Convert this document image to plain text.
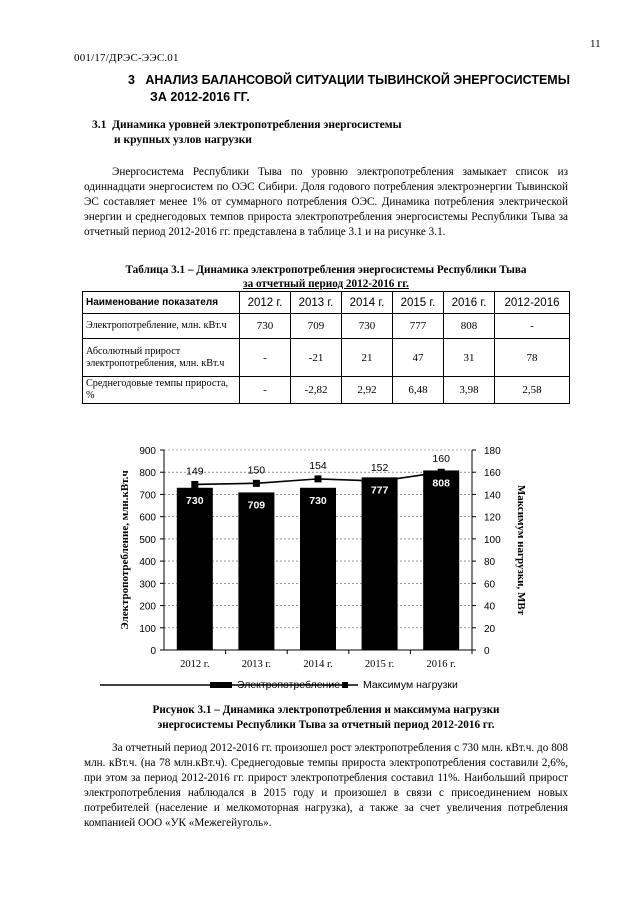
001/17/ДРЭС-ЭЭС.01
11
3 АНАЛИЗ БАЛАНСОВОЙ СИТУАЦИИ ТЫВИНСКОЙ ЭНЕРГОСИСТЕМЫ
ЗА 2012-2016 ГГ.
3.1 Динамика уровней электропотребления энергосистемы
и крупных узлов нагрузки

Энергосистема Республики Тыва по уровню электропотребления замыкает список из одиннадцати энергосистем по ОЭС Сибири. Доля годового потребления электроэнергии Тывинской ЭС составляет менее 1% от суммарного потребления ОЭС. Динамика потребления электрической энергии и среднегодовых темпов прироста электропотребления энергосистемы Республики Тыва за отчетный период 2012-2016 гг. представлена в таблице 3.1 и на рисунке 3.1.

Таблица 3.1 – Динамика электропотребления энергосистемы Республики Тыва
за отчетный период 2012-2016 гг.
Наименование показателя	2012 г.	2013 г.	2014 г.	2015 г.	2016 г.	2012-2016
Электропотребление, млн. кВт.ч	730	709	730	777	808	-
Абсолютный прирост электропотребления, млн. кВт.ч	-	-21	21	47	31	78
Среднегодовые темпы прироста, %	-	-2,82	2,92	6,48	3,98	2,58
730	709	730
777
808
149	150	154	152
160
0
100
200
300
400
500
600
700
800
900
0
20
40
60
80
100
120
140
160
180
2012 г.	2013 г.	2014 г.	2015 г.	2016 г.
Электропотребление, млн.кВт.ч	Максимум нагрузки, МВт
Электропотребление Максимум нагрузки
Рисунок 3.1 – Динамика электропотребления и максимума нагрузки
энергосистемы Республики Тыва за отчетный период 2012-2016 гг.

За отчетный период 2012-2016 гг. произошел рост электропотребления с 730 млн. кВт.ч. до 808 млн. кВт.ч. (на 78 млн.кВт.ч). Среднегодовые темпы прироста электропотребления составили 2,6%, при этом за период 2012-2016 гг. прирост электропотребления составил 11%. Наибольший прирост электропотребления наблюдался в 2015 году и произошел в связи с присоединением новых потребителей (население и мелкомоторная нагрузка), а также за счет увеличения потребления компанией ООО «УК «Межегейуголь».
